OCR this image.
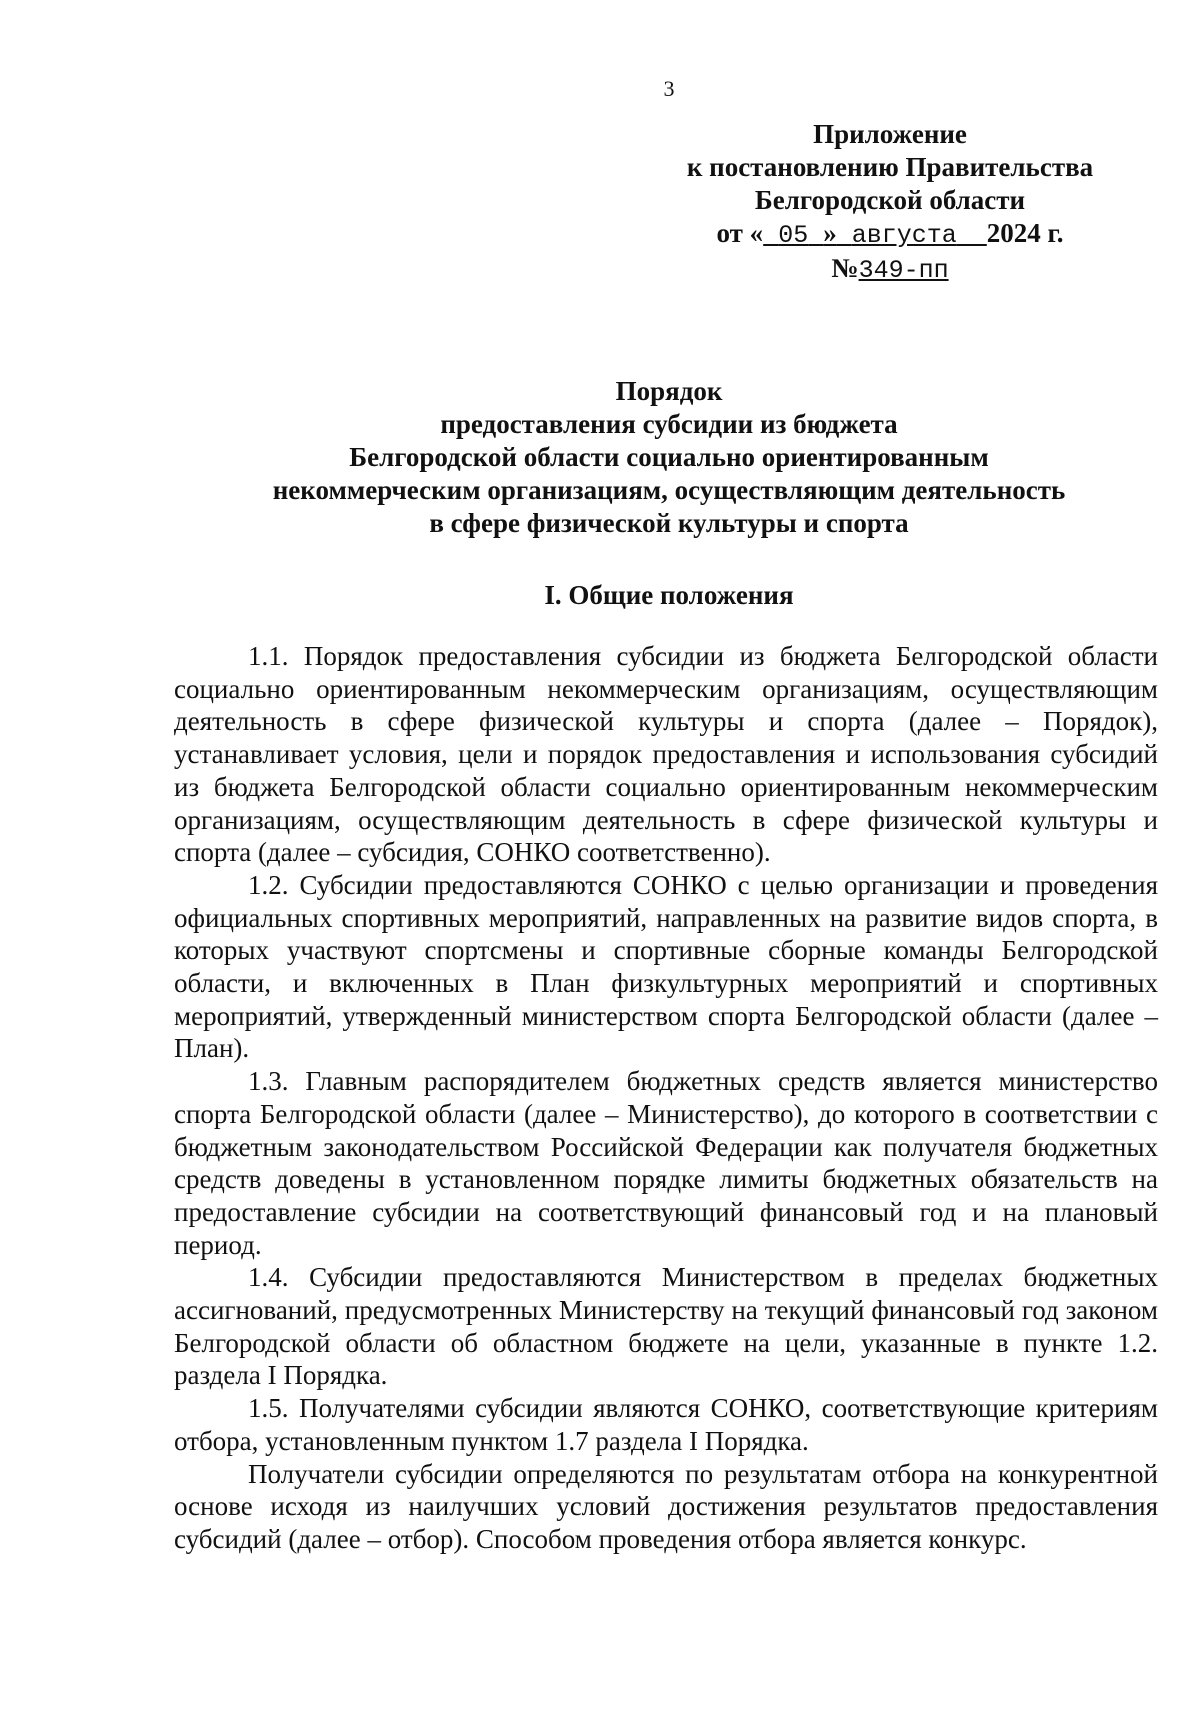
3
Приложение
к постановлению Правительства
Белгородской области
от « 05 » августа 2024 г.
№349-пп
Порядок
предоставления субсидии из бюджета
Белгородской области социально ориентированным
некоммерческим организациям, осуществляющим деятельность
в сфере физической культуры и спорта
I. Общие положения

1.1. Порядок предоставления субсидии из бюджета Белгородской области социально ориентированным некоммерческим организациям, осуществляющим деятельность в сфере физической культуры и спорта (далее – Порядок), устанавливает условия, цели и порядок предоставления и использования субсидий из бюджета Белгородской области социально ориентированным некоммерческим организациям, осуществляющим деятельность в сфере физической культуры и спорта (далее – субсидия, СОНКО соответственно).

1.2. Субсидии предоставляются СОНКО с целью организации и проведения официальных спортивных мероприятий, направленных на развитие видов спорта, в которых участвуют спортсмены и спортивные сборные команды Белгородской области, и включенных в План физкультурных мероприятий и спортивных мероприятий, утвержденный министерством спорта Белгородской области (далее – План).

1.3. Главным распорядителем бюджетных средств является министерство спорта Белгородской области (далее – Министерство), до которого в соответствии с бюджетным законодательством Российской Федерации как получателя бюджетных средств доведены в установленном порядке лимиты бюджетных обязательств на предоставление субсидии на соответствующий финансовый год и на плановый период.

1.4. Субсидии предоставляются Министерством в пределах бюджетных ассигнований, предусмотренных Министерству на текущий финансовый год законом Белгородской области об областном бюджете на цели, указанные в пункте 1.2. раздела I Порядка.

1.5. Получателями субсидии являются СОНКО, соответствующие критериям отбора, установленным пунктом 1.7 раздела I Порядка.

Получатели субсидии определяются по результатам отбора на конкурентной основе исходя из наилучших условий достижения результатов предоставления субсидий (далее – отбор). Способом проведения отбора является конкурс.
